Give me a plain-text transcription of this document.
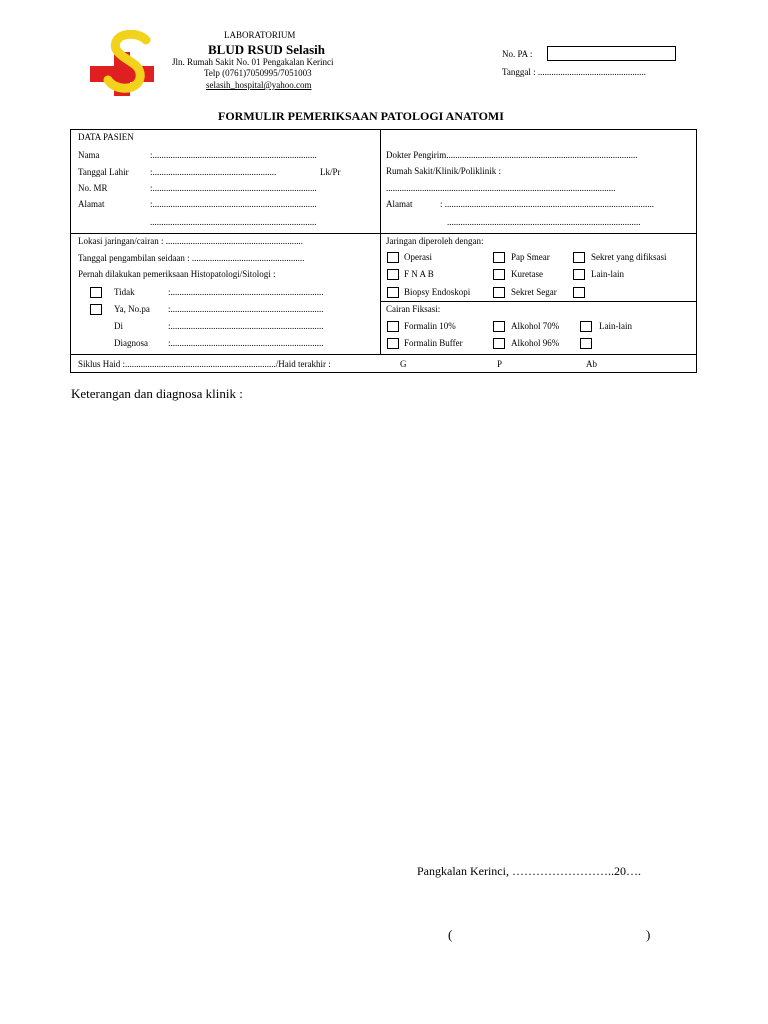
LABORATORIUM
BLUD RSUD Selasih
Jln. Rumah Sakit No. 01 Pengakalan Kerinci
Telp (0761)7050995/7051003
selasih_hospital@yahoo.com
No. PA :
Tanggal : ................................................
FORMULIR PEMERIKSAAN PATOLOGI ANATOMI
DATA PASIEN
Nama	:.........................................................................
Tanggal Lahir :.......................................................	Lk/Pr
No. MR	:.........................................................................
Alamat	:.........................................................................
..........................................................................
Dokter Pengirim.....................................................................................
Rumah Sakit/Klinik/Poliklinik :
......................................................................................................
Alamat	: .............................................................................................
......................................................................................
Lokasi jaringan/cairan : .............................................................
Tanggal pengambilan seidaan : ..................................................
Pernah dilakukan pemeriksaan Histopatologi/Sitologi :
Tidak	:....................................................................
Ya, No.pa :....................................................................
Di	:....................................................................
Diagnosa :....................................................................
Jaringan diperoleh dengan:
Operasi	Pap Smear	Sekret yang difiksasi
F N A B	Kuretase	Lain-lain
Biopsy Endoskopi	Sekret Segar
Cairan Fiksasi:
Formalin 10%	Alkohol 70%	Lain-lain
Formalin Buffer	Alkohol 96%
Siklus Haid :.................................................................../Haid terakhir :	G	P	Ab
Keterangan dan diagnosa klinik :
Pangkalan Kerinci, ……………………..20….
(	)
